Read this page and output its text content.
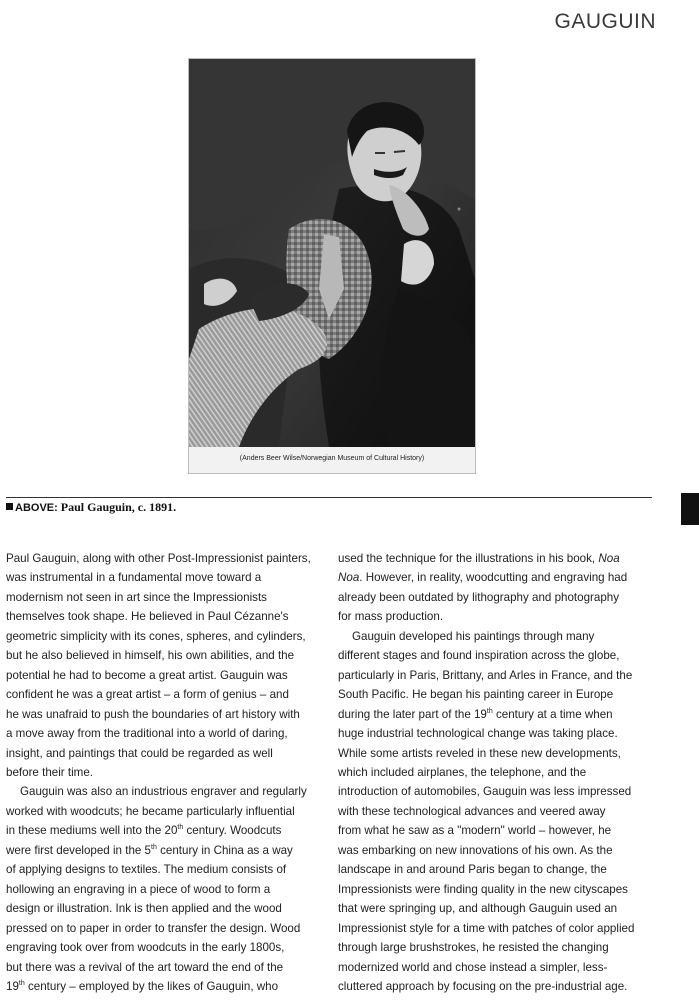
GAUGUIN
(Anders Beer Wilse/Norwegian Museum of Cultural History)
ABOVE: Paul Gauguin, c. 1891.
Paul Gauguin, along with other Post-Impressionist painters,
was instrumental in a fundamental move toward a
modernism not seen in art since the Impressionists
themselves took shape. He believed in Paul Cézanne's
geometric simplicity with its cones, spheres, and cylinders,
but he also believed in himself, his own abilities, and the
potential he had to become a great artist. Gauguin was
confident he was a great artist – a form of genius – and
he was unafraid to push the boundaries of art history with
a move away from the traditional into a world of daring,
insight, and paintings that could be regarded as well
before their time.
Gauguin was also an industrious engraver and regularly
worked with woodcuts; he became particularly influential
in these mediums well into the 20th century. Woodcuts
were first developed in the 5th century in China as a way
of applying designs to textiles. The medium consists of
hollowing an engraving in a piece of wood to form a
design or illustration. Ink is then applied and the wood
pressed on to paper in order to transfer the design. Wood
engraving took over from woodcuts in the early 1800s,
but there was a revival of the art toward the end of the
19th century – employed by the likes of Gauguin, who
used the technique for the illustrations in his book, Noa
Noa. However, in reality, woodcutting and engraving had
already been outdated by lithography and photography
for mass production.
Gauguin developed his paintings through many
different stages and found inspiration across the globe,
particularly in Paris, Brittany, and Arles in France, and the
South Pacific. He began his painting career in Europe
during the later part of the 19th century at a time when
huge industrial technological change was taking place.
While some artists reveled in these new developments,
which included airplanes, the telephone, and the
introduction of automobiles, Gauguin was less impressed
with these technological advances and veered away
from what he saw as a "modern" world – however, he
was embarking on new innovations of his own. As the
landscape in and around Paris began to change, the
Impressionists were finding quality in the new cityscapes
that were springing up, and although Gauguin used an
Impressionist style for a time with patches of color applied
through large brushstrokes, he resisted the changing
modernized world and chose instead a simpler, less-
cluttered approach by focusing on the pre-industrial age.
